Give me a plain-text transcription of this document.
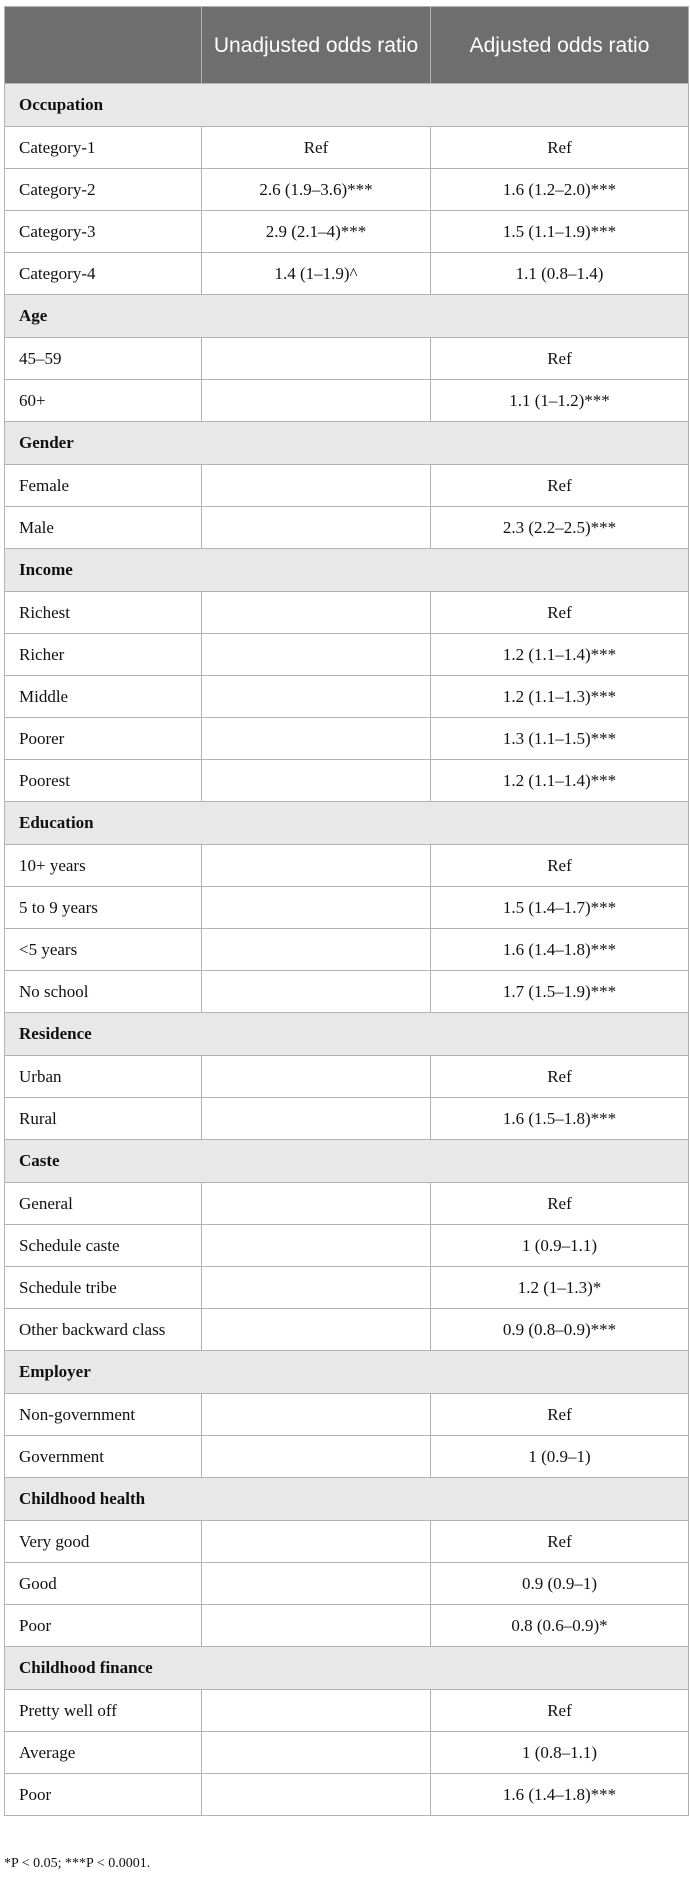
	Unadjusted odds ratio	Adjusted odds ratio
Occupation		
Category-1	Ref	Ref
Category-2	2.6 (1.9–3.6)***	1.6 (1.2–2.0)***
Category-3	2.9 (2.1–4)***	1.5 (1.1–1.9)***
Category-4	1.4 (1–1.9)^	1.1 (0.8–1.4)
Age		
45–59		Ref
60+		1.1 (1–1.2)***
Gender		
Female		Ref
Male		2.3 (2.2–2.5)***
Income		
Richest		Ref
Richer		1.2 (1.1–1.4)***
Middle		1.2 (1.1–1.3)***
Poorer		1.3 (1.1–1.5)***
Poorest		1.2 (1.1–1.4)***
Education		
10+ years		Ref
5 to 9 years		1.5 (1.4–1.7)***
<5 years		1.6 (1.4–1.8)***
No school		1.7 (1.5–1.9)***
Residence		
Urban		Ref
Rural		1.6 (1.5–1.8)***
Caste		
General		Ref
Schedule caste		1 (0.9–1.1)
Schedule tribe		1.2 (1–1.3)*
Other backward class		0.9 (0.8–0.9)***
Employer		
Non-government		Ref
Government		1 (0.9–1)
Childhood health		
Very good		Ref
Good		0.9 (0.9–1)
Poor		0.8 (0.6–0.9)*
Childhood finance		
Pretty well off		Ref
Average		1 (0.8–1.1)
Poor		1.6 (1.4–1.8)***
*P < 0.05; ***P < 0.0001.
